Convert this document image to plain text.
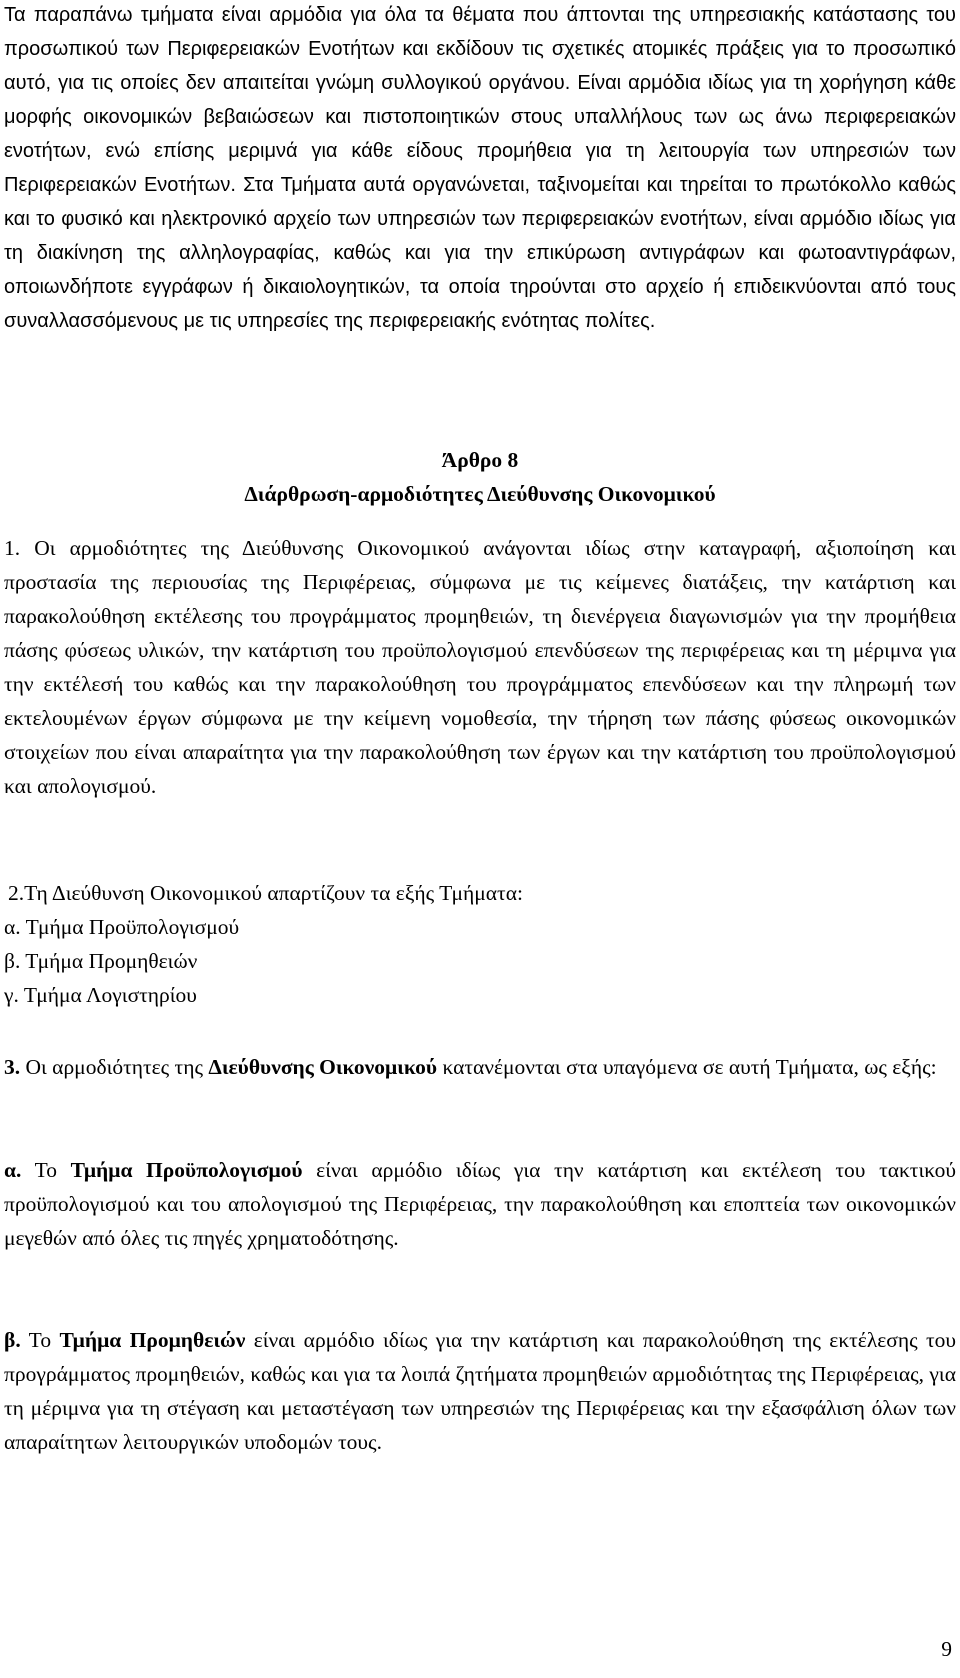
Τα παραπάνω τμήματα είναι αρμόδια για όλα τα θέματα που άπτονται της υπηρεσιακής κατάστασης του προσωπικού των Περιφερειακών Ενοτήτων και εκδίδουν τις σχετικές ατομικές πράξεις για το προσωπικό αυτό, για τις οποίες δεν απαιτείται γνώμη συλλογικού οργάνου. Είναι αρμόδια ιδίως για τη χορήγηση κάθε μορφής οικονομικών βεβαιώσεων και πιστοποιητικών στους υπαλλήλους των ως άνω περιφερειακών ενοτήτων, ενώ επίσης μεριμνά για κάθε είδους προμήθεια για τη λειτουργία των υπηρεσιών των Περιφερειακών Ενοτήτων. Στα Τμήματα αυτά οργανώνεται, ταξινομείται και τηρείται το πρωτόκολλο καθώς και το φυσικό και ηλεκτρονικό αρχείο των υπηρεσιών των περιφερειακών ενοτήτων, είναι αρμόδιο ιδίως για τη διακίνηση της αλληλογραφίας, καθώς και για την επικύρωση αντιγράφων και φωτοαντιγράφων, οποιωνδήποτε εγγράφων ή δικαιολογητικών, τα οποία τηρούνται στο αρχείο ή επιδεικνύονται από τους συναλλασσόμενους με τις υπηρεσίες της περιφερειακής ενότητας πολίτες.

Άρθρο 8

Διάρθρωση-αρμοδιότητες Διεύθυνσης Οικονομικού

1. Οι αρμοδιότητες της Διεύθυνσης Οικονομικού ανάγονται ιδίως στην καταγραφή, αξιοποίηση και προστασία της περιουσίας της Περιφέρειας, σύμφωνα με τις κείμενες διατάξεις, την κατάρτιση και παρακολούθηση εκτέλεσης του προγράμματος προμηθειών, τη διενέργεια διαγωνισμών για την προμήθεια πάσης φύσεως υλικών, την κατάρτιση του προϋπολογισμού επενδύσεων της περιφέρειας και τη μέριμνα για την εκτέλεσή του καθώς και την παρακολούθηση του προγράμματος επενδύσεων και την πληρωμή των εκτελουμένων έργων σύμφωνα με την κείμενη νομοθεσία, την τήρηση των πάσης φύσεως οικονομικών στοιχείων που είναι απαραίτητα για την παρακολούθηση των έργων και την κατάρτιση του προϋπολογισμού και απολογισμού.

2.Τη Διεύθυνση Οικονομικού απαρτίζουν τα εξής Τμήματα:

α. Τμήμα Προϋπολογισμού

β. Τμήμα Προμηθειών

γ. Τμήμα Λογιστηρίου

3. Οι αρμοδιότητες της Διεύθυνσης Οικονομικού κατανέμονται στα υπαγόμενα σε αυτή Τμήματα, ως εξής:

α. Το Τμήμα Προϋπολογισμού είναι αρμόδιο ιδίως για την κατάρτιση και εκτέλεση του τακτικού προϋπολογισμού και του απολογισμού της Περιφέρειας, την παρακολούθηση και εποπτεία των οικονομικών μεγεθών από όλες τις πηγές χρηματοδότησης.

β. Το Τμήμα Προμηθειών είναι αρμόδιο ιδίως για την κατάρτιση και παρακολούθηση της εκτέλεσης του προγράμματος προμηθειών, καθώς και για τα λοιπά ζητήματα προμηθειών αρμοδιότητας της Περιφέρειας, για τη μέριμνα για τη στέγαση και μεταστέγαση των υπηρεσιών της Περιφέρειας και την εξασφάλιση όλων των απαραίτητων λειτουργικών υποδομών τους.

9
